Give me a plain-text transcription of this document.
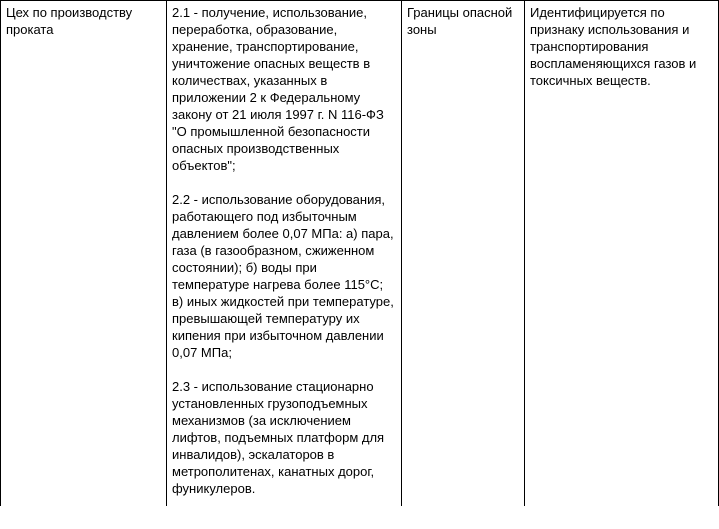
Цех по производству проката
2.1 - получение, использование, переработка, образование, хранение, транспортирование, уничтожение опасных веществ в количествах, указанных в приложении 2 к Федеральному закону от 21 июля 1997 г. N 116-ФЗ "О промышленной безопасности опасных производственных объектов";
2.2 - использование оборудования, работающего под избыточным давлением более 0,07 МПа: а) пара, газа (в газообразном, сжиженном состоянии); б) воды при температуре нагрева более 115°С; в) иных жидкостей при температуре, превышающей температуру их кипения при избыточном давлении 0,07 МПа;
2.3 - использование стационарно установленных грузоподъемных механизмов (за исключением лифтов, подъемных платформ для инвалидов), эскалаторов в метрополитенах, канатных дорог, фуникулеров.
Границы опасной зоны
Идентифицируется по признаку использования и транспортирования воспламеняющихся газов и токсичных веществ.
